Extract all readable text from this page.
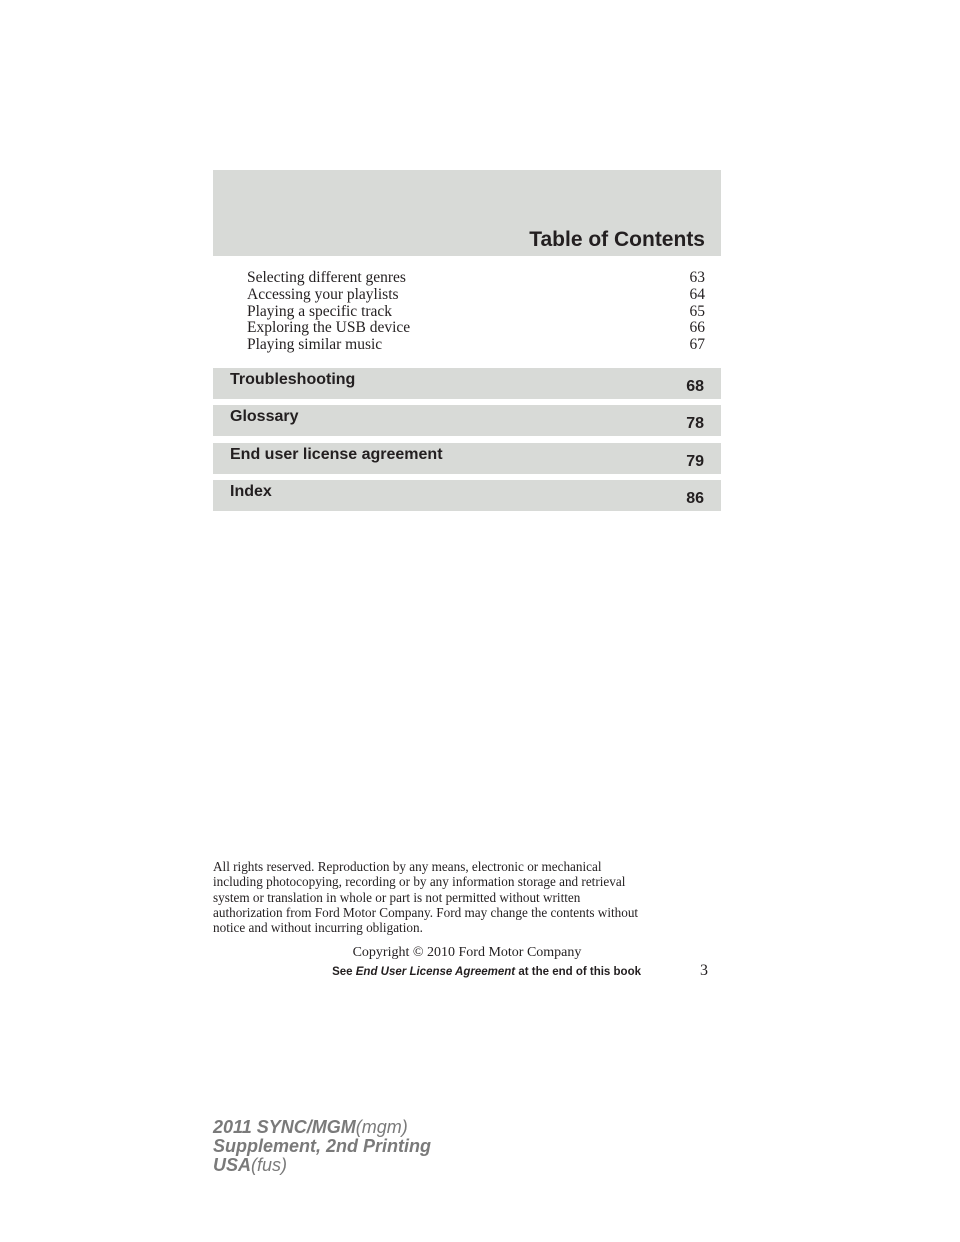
Table of Contents
Selecting different genres	63
Accessing your playlists	64
Playing a specific track	65
Exploring the USB device	66
Playing similar music	67
Troubleshooting	68
Glossary	78
End user license agreement	79
Index	86
All rights reserved. Reproduction by any means, electronic or mechanical
including photocopying, recording or by any information storage and retrieval
system or translation in whole or part is not permitted without written
authorization from Ford Motor Company. Ford may change the contents without
notice and without incurring obligation.
Copyright © 2010 Ford Motor Company
See End User License Agreement at the end of this book	3
2011 SYNC/MGM(mgm)
Supplement, 2nd Printing
USA(fus)
